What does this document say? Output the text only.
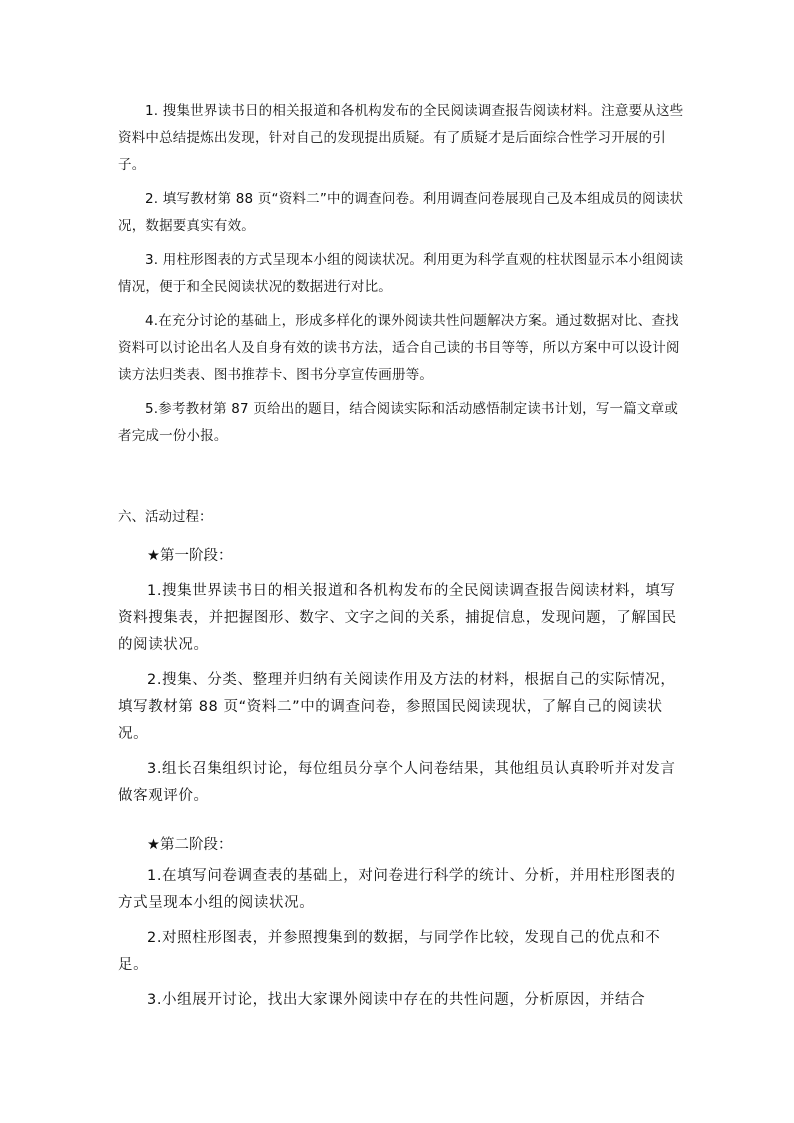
1. 搜集世界读书日的相关报道和各机构发布的全民阅读调查报告阅读材料。注意要从这些资料中总结提炼出发现，针对自己的发现提出质疑。有了质疑才是后面综合性学习开展的引子。

2. 填写教材第 88 页“资料二”中的调查问卷。利用调查问卷展现自己及本组成员的阅读状况，数据要真实有效。

3. 用柱形图表的方式呈现本小组的阅读状况。利用更为科学直观的柱状图显示本小组阅读情况，便于和全民阅读状况的数据进行对比。

4.在充分讨论的基础上，形成多样化的课外阅读共性问题解决方案。通过数据对比、查找资料可以讨论出名人及自身有效的读书方法，适合自己读的书目等等，所以方案中可以设计阅读方法归类表、图书推荐卡、图书分享宣传画册等。

5.参考教材第 87 页给出的题目，结合阅读实际和活动感悟制定读书计划，写一篇文章或者完成一份小报。

六、活动过程：

★第一阶段：

1.搜集世界读书日的相关报道和各机构发布的全民阅读调查报告阅读材料，填写资料搜集表，并把握图形、数字、文字之间的关系，捕捉信息，发现问题，了解国民的阅读状况。

2.搜集、分类、整理并归纳有关阅读作用及方法的材料，根据自己的实际情况，填写教材第 88 页“资料二”中的调查问卷，参照国民阅读现状，了解自己的阅读状况。

3.组长召集组织讨论，每位组员分享个人问卷结果，其他组员认真聆听并对发言做客观评价。

★第二阶段：

1.在填写问卷调查表的基础上，对问卷进行科学的统计、分析，并用柱形图表的方式呈现本小组的阅读状况。

2.对照柱形图表，并参照搜集到的数据，与同学作比较，发现自己的优点和不足。

3.小组展开讨论，找出大家课外阅读中存在的共性问题，分析原因，并结合
